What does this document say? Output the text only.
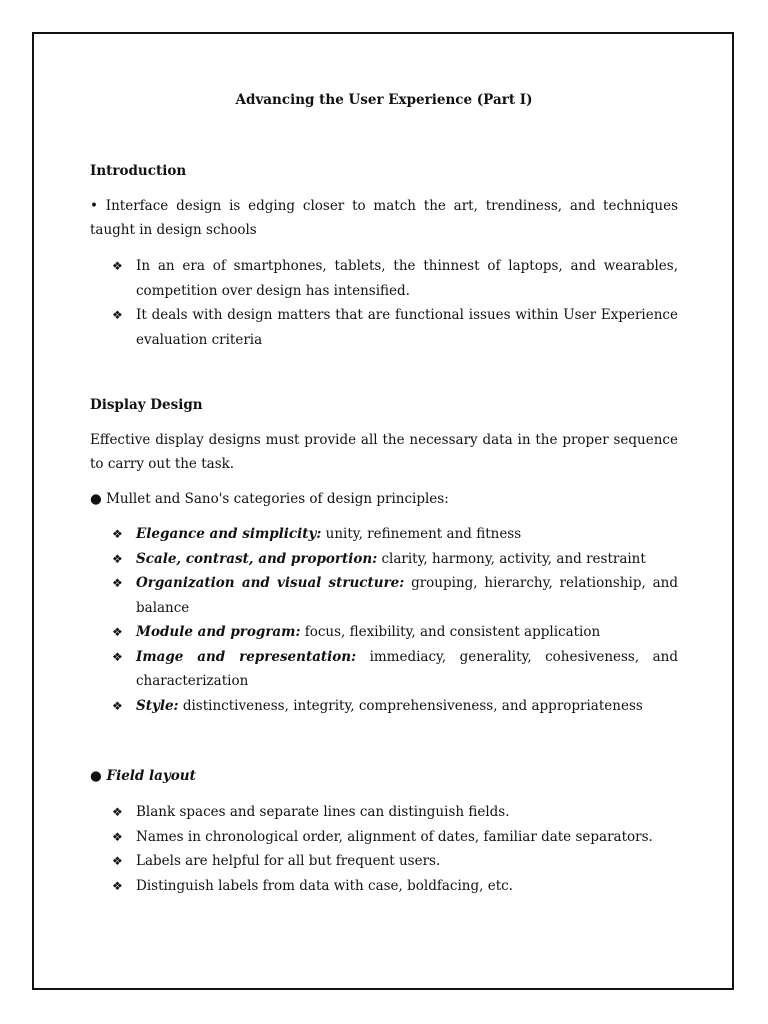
Advancing the User Experience (Part I)
Introduction

• Interface design is edging closer to match the art, trendiness, and techniques taught in design schools

❖ In an era of smartphones, tablets, the thinnest of laptops, and wearables, competition over design has intensified.
❖ It deals with design matters that are functional issues within User Experience evaluation criteria
Display Design

Effective display designs must provide all the necessary data in the proper sequence to carry out the task.

● Mullet and Sano's categories of design principles:

❖ Elegance and simplicity: unity, refinement and fitness
❖ Scale, contrast, and proportion: clarity, harmony, activity, and restraint
❖ Organization and visual structure: grouping, hierarchy, relationship, and balance
❖ Module and program: focus, flexibility, and consistent application
❖ Image and representation: immediacy, generality, cohesiveness, and characterization
❖ Style: distinctiveness, integrity, comprehensiveness, and appropriateness
● Field layout
❖ Blank spaces and separate lines can distinguish fields.
❖ Names in chronological order, alignment of dates, familiar date separators.
❖ Labels are helpful for all but frequent users.
❖ Distinguish labels from data with case, boldfacing, etc.
